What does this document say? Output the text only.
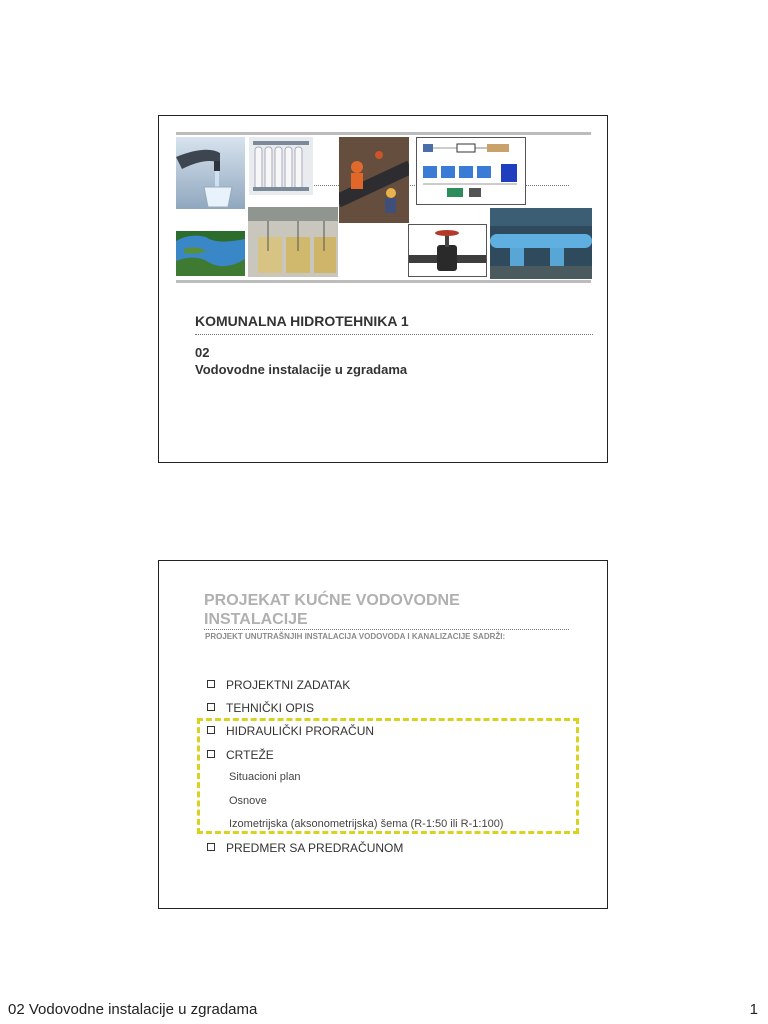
KOMUNALNA HIDROTEHNIKA 1
02
Vodovodne instalacije u zgradama
PROJEKAT KUĆNE VODOVODNE INSTALACIJE
PROJEKT UNUTRAŠNJIH INSTALACIJA VODOVODA I KANALIZACIJE SADRŽI:
PROJEKTNI ZADATAK
TEHNIČKI OPIS
HIDRAULIČKI PRORAČUN
CRTEŽE
Situacioni plan
Osnove
Izometrijska (aksonometrijska) šema (R-1:50 ili R-1:100)
PREDMER SA PREDRAČUNOM
02 Vodovodne instalacije u zgradama	1
